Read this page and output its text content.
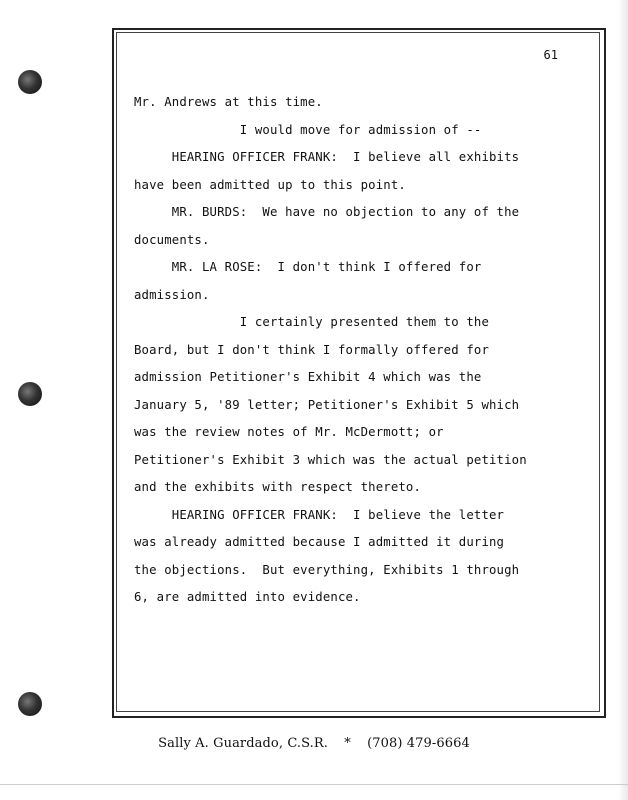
61
Mr. Andrews at this time.
I would move for admission of --
HEARING OFFICER FRANK:  I believe all exhibits
have been admitted up to this point.
MR. BURDS:  We have no objection to any of the
documents.
MR. LA ROSE:  I don't think I offered for
admission.
I certainly presented them to the
Board, but I don't think I formally offered for
admission Petitioner's Exhibit 4 which was the
January 5, '89 letter; Petitioner's Exhibit 5 which
was the review notes of Mr. McDermott; or
Petitioner's Exhibit 3 which was the actual petition
and the exhibits with respect thereto.
HEARING OFFICER FRANK:  I believe the letter
was already admitted because I admitted it during
the objections.  But everything, Exhibits 1 through
6, are admitted into evidence.
Sally A. Guardado, C.S.R. * (708) 479-6664
